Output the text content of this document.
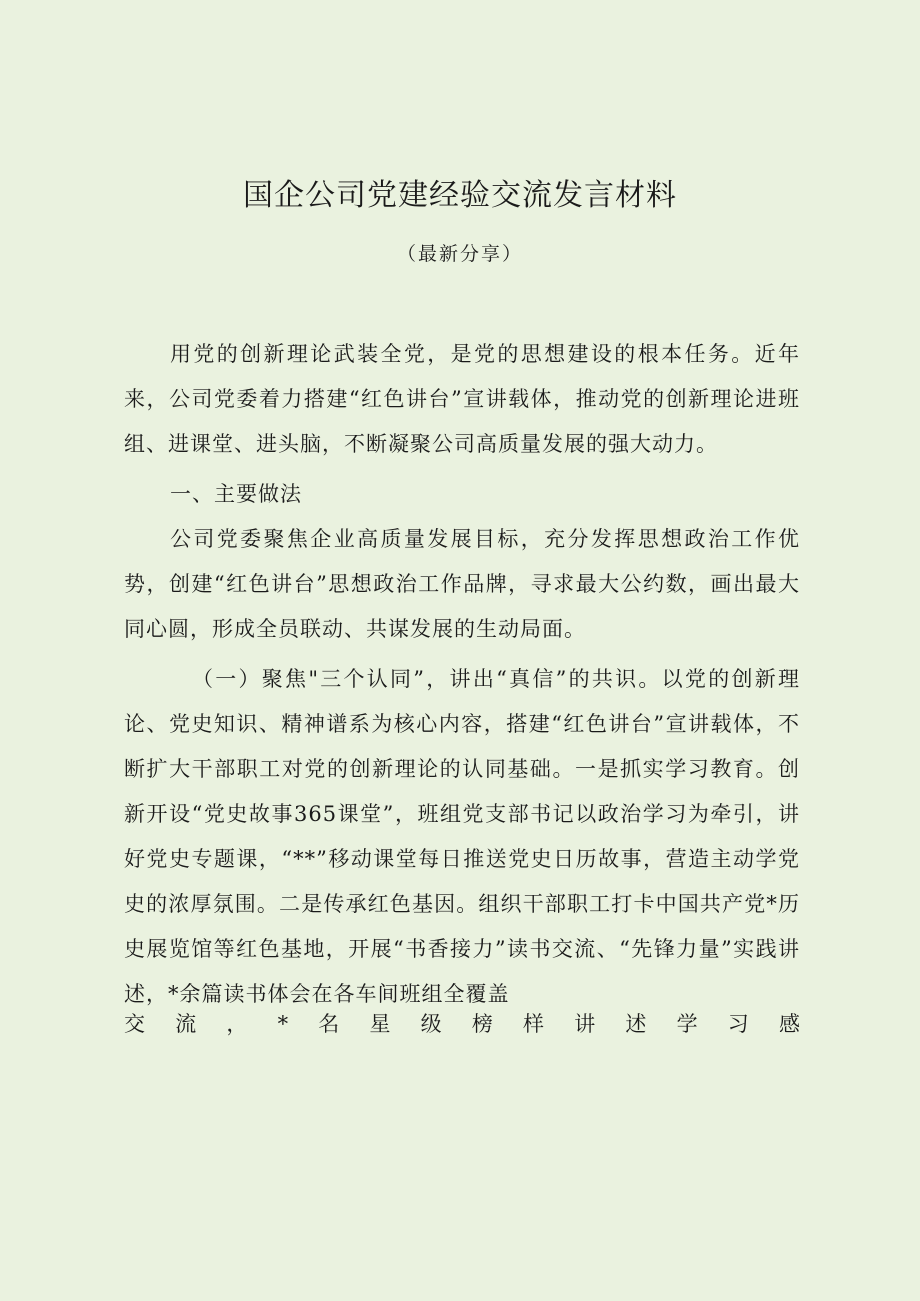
国企公司党建经验交流发言材料

（最新分享）

用党的创新理论武装全党，是党的思想建设的根本任务。近年来，公司党委着力搭建“红色讲台”宣讲载体，推动党的创新理论进班组、进课堂、进头脑，不断凝聚公司高质量发展的强大动力。

一、主要做法

公司党委聚焦企业高质量发展目标，充分发挥思想政治工作优势，创建“红色讲台”思想政治工作品牌，寻求最大公约数，画出最大同心圆，形成全员联动、共谋发展的生动局面。

（一）聚焦"三个认同”，讲出“真信”的共识。以党的创新理论、党史知识、精神谱系为核心内容，搭建“红色讲台”宣讲载体，不断扩大干部职工对党的创新理论的认同基础。一是抓实学习教育。创新开设“党史故事365课堂”，班组党支部书记以政治学习为牵引，讲好党史专题课，“**”移动课堂每日推送党史日历故事，营造主动学党史的浓厚氛围。二是传承红色基因。组织干部职工打卡中国共产党*历史展览馆等红色基地，开展“书香接力”读书交流、“先锋力量”实践讲述，*余篇读书体会在各车间班组全覆盖

交 流 ， * 名 星 级 榜 样 讲 述 学 习 感
